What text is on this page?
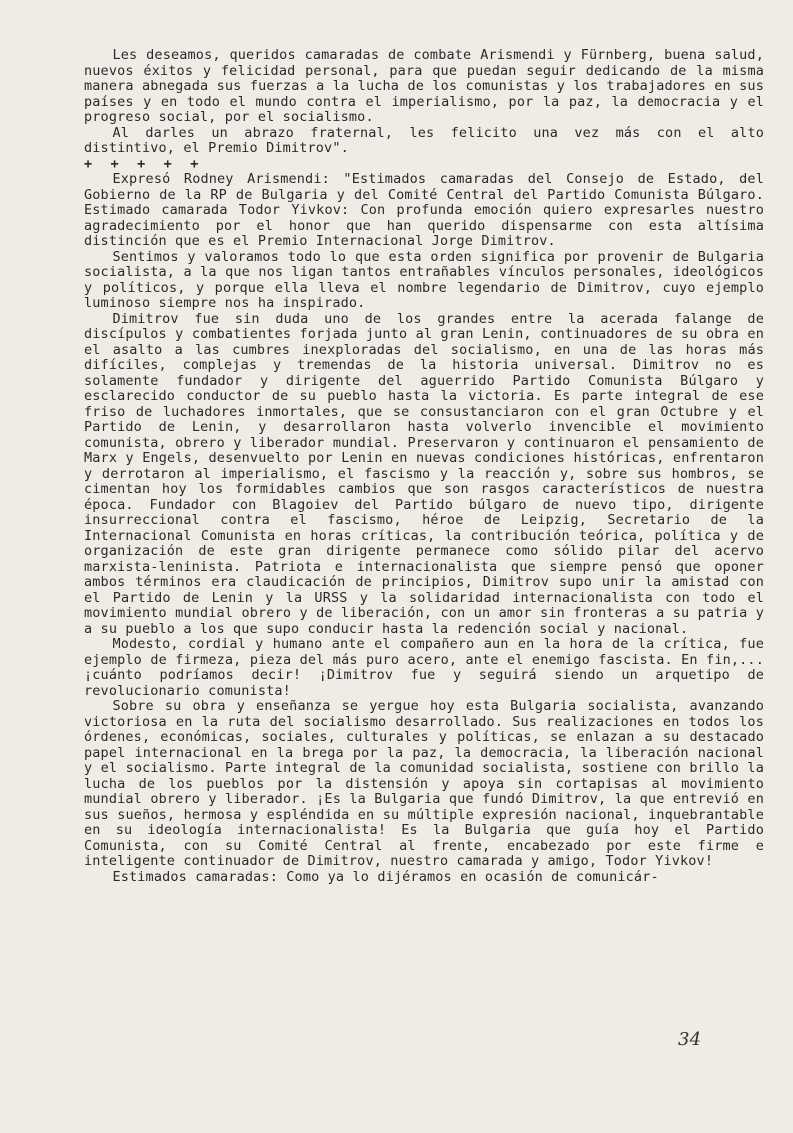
Les deseamos, queridos camaradas de combate Arismendi y Fürnberg, buena salud, nuevos éxitos y felicidad personal, para que puedan seguir dedicando de la misma manera abnegada sus fuerzas a la lucha de los comunistas y los trabajadores en sus países y en todo el mundo contra el imperialismo, por la paz, la democracia y el progreso social, por el socialismo.

Al darles un abrazo fraternal, les felicito una vez más con el alto distintivo, el Premio Dimitrov".

+ + + + +

Expresó Rodney Arismendi: "Estimados camaradas del Consejo de Estado, del Gobierno de la RP de Bulgaria y del Comité Central del Partido Comunista Búlgaro. Estimado camarada Todor Yivkov: Con profunda emoción quiero expresarles nuestro agradecimiento por el honor que han querido dispensarme con esta altísima distinción que es el Premio Internacional Jorge Dimitrov.

Sentimos y valoramos todo lo que esta orden significa por provenir de Bulgaria socialista, a la que nos ligan tantos entrañables vínculos personales, ideológicos y políticos, y porque ella lleva el nombre legendario de Dimitrov, cuyo ejemplo luminoso siempre nos ha inspirado.

Dimitrov fue sin duda uno de los grandes entre la acerada falange de discípulos y combatientes forjada junto al gran Lenin, continuadores de su obra en el asalto a las cumbres inexploradas del socialismo, en una de las horas más difíciles, complejas y tremendas de la historia universal. Dimitrov no es solamente fundador y dirigente del aguerrido Partido Comunista Búlgaro y esclarecido conductor de su pueblo hasta la victoria. Es parte integral de ese friso de luchadores inmortales, que se consustanciaron con el gran Octubre y el Partido de Lenin, y desarrollaron hasta volverlo invencible el movimiento comunista, obrero y liberador mundial. Preservaron y continuaron el pensamiento de Marx y Engels, desenvuelto por Lenin en nuevas condiciones históricas, enfrentaron y derrotaron al imperialismo, el fascismo y la reacción y, sobre sus hombros, se cimentan hoy los formidables cambios que son rasgos característicos de nuestra época. Fundador con Blagoiev del Partido búlgaro de nuevo tipo, dirigente insurreccional contra el fascismo, héroe de Leipzig, Secretario de la Internacional Comunista en horas críticas, la contribución teórica, política y de organización de este gran dirigente permanece como sólido pilar del acervo marxista-leninista. Patriota e internacionalista que siempre pensó que oponer ambos términos era claudicación de principios, Dimitrov supo unir la amistad con el Partido de Lenin y la URSS y la solidaridad internacionalista con todo el movimiento mundial obrero y de liberación, con un amor sin fronteras a su patria y a su pueblo a los que supo conducir hasta la redención social y nacional.

Modesto, cordial y humano ante el compañero aun en la hora de la crítica, fue ejemplo de firmeza, pieza del más puro acero, ante el enemigo fascista. En fin,...¡cuánto podríamos decir! ¡Dimitrov fue y seguirá siendo un arquetipo de revolucionario comunista!

Sobre su obra y enseñanza se yergue hoy esta Bulgaria socialista, avanzando victoriosa en la ruta del socialismo desarrollado. Sus realizaciones en todos los órdenes, económicas, sociales, culturales y políticas, se enlazan a su destacado papel internacional en la brega por la paz, la democracia, la liberación nacional y el socialismo. Parte integral de la comunidad socialista, sostiene con brillo la lucha de los pueblos por la distensión y apoya sin cortapisas al movimiento mundial obrero y liberador. ¡Es la Bulgaria que fundó Dimitrov, la que entrevió en sus sueños, hermosa y espléndida en su múltiple expresión nacional, inquebrantable en su ideología internacionalista! Es la Bulgaria que guía hoy el Partido Comunista, con su Comité Central al frente, encabezado por este firme e inteligente continuador de Dimitrov, nuestro camarada y amigo, Todor Yivkov!

Estimados camaradas: Como ya lo dijéramos en ocasión de comunicár-

34
